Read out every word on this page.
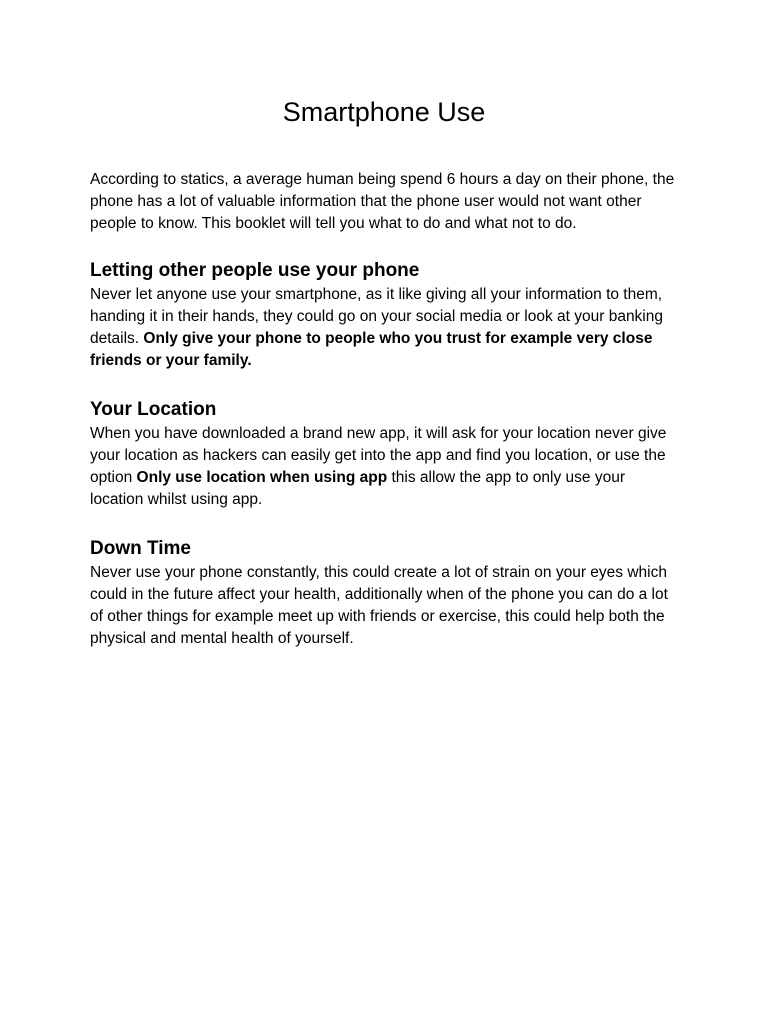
Smartphone Use

According to statics, a average human being spend 6 hours a day on their phone, the phone has a lot of valuable information that the phone user would not want other people to know. This booklet will tell you what to do and what not to do.

Letting other people use your phone

Never let anyone use your smartphone, as it like giving all your information to them, handing it in their hands, they could go on your social media or look at your banking details. Only give your phone to people who you trust for example very close friends or your family.

Your Location

When you have downloaded a brand new app, it will ask for your location never give your location as hackers can easily get into the app and find you location, or use the option Only use location when using app this allow the app to only use your location whilst using app.

Down Time

Never use your phone constantly, this could create a lot of strain on your eyes which could in the future affect your health, additionally when of the phone you can do a lot of other things for example meet up with friends or exercise, this could help both the physical and mental health of yourself.
